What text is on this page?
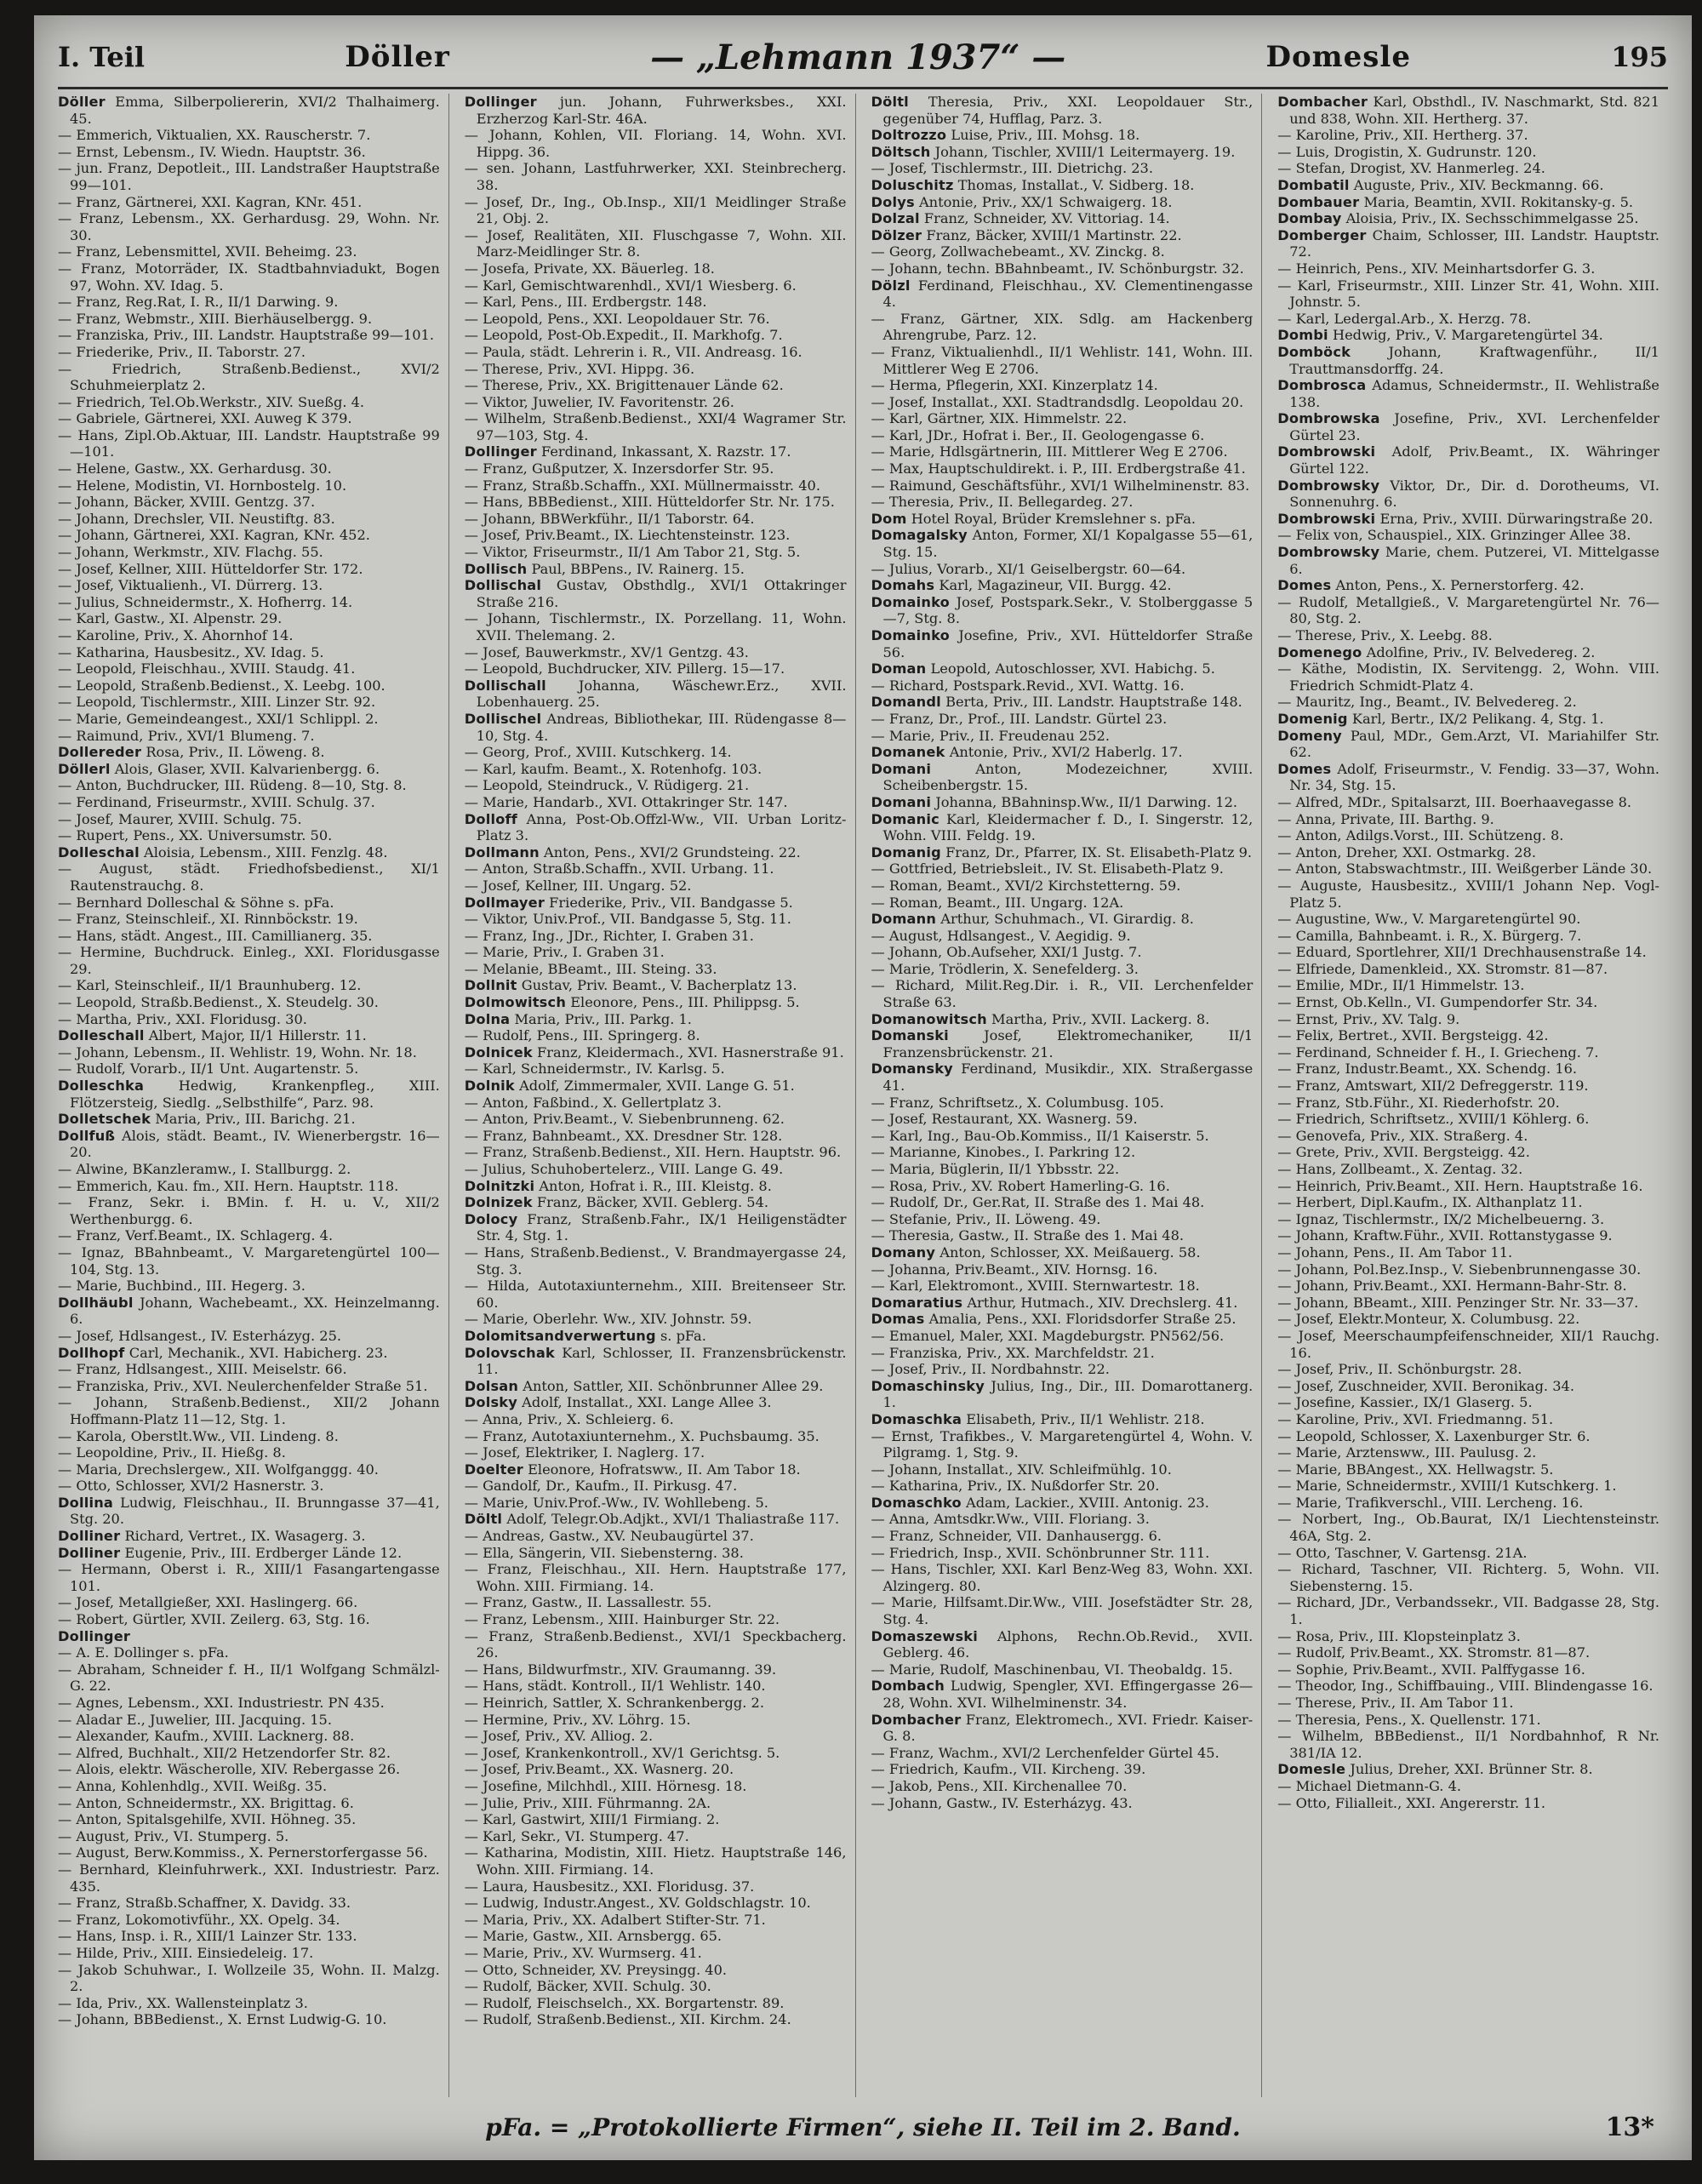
I. Teil	Döller	— „Lehmann 1937“ —	Domesle	195

Döller Emma, Silberpoliererin, XVI/2 Thalhaimerg. 45.

— Emmerich, Viktualien, XX. Rauscherstr. 7.

— Ernst, Lebensm., IV. Wiedn. Hauptstr. 36.

— jun. Franz, Depotleit., III. Landstraßer Hauptstraße 99—101.

— Franz, Gärtnerei, XXI. Kagran, KNr. 451.

— Franz, Lebensm., XX. Gerhardusg. 29, Wohn. Nr. 30.

— Franz, Lebensmittel, XVII. Beheimg. 23.

— Franz, Motorräder, IX. Stadtbahnviadukt, Bogen 97, Wohn. XV. Idag. 5.

— Franz, Reg.Rat, I. R., II/1 Darwing. 9.

— Franz, Webmstr., XIII. Bierhäuselbergg. 9.

— Franziska, Priv., III. Landstr. Hauptstraße 99—101.

— Friederike, Priv., II. Taborstr. 27.

— Friedrich, Straßenb.Bedienst., XVI/2 Schuhmeierplatz 2.

— Friedrich, Tel.Ob.Werkstr., XIV. Sueßg. 4.

— Gabriele, Gärtnerei, XXI. Auweg K 379.

— Hans, Zipl.Ob.Aktuar, III. Landstr. Hauptstraße 99—101.

— Helene, Gastw., XX. Gerhardusg. 30.

— Helene, Modistin, VI. Hornbostelg. 10.

— Johann, Bäcker, XVIII. Gentzg. 37.

— Johann, Drechsler, VII. Neustiftg. 83.

— Johann, Gärtnerei, XXI. Kagran, KNr. 452.

— Johann, Werkmstr., XIV. Flachg. 55.

— Josef, Kellner, XIII. Hütteldorfer Str. 172.

— Josef, Viktualienh., VI. Dürrerg. 13.

— Julius, Schneidermstr., X. Hofherrg. 14.

— Karl, Gastw., XI. Alpenstr. 29.

— Karoline, Priv., X. Ahornhof 14.

— Katharina, Hausbesitz., XV. Idag. 5.

— Leopold, Fleischhau., XVIII. Staudg. 41.

— Leopold, Straßenb.Bedienst., X. Leebg. 100.

— Leopold, Tischlermstr., XIII. Linzer Str. 92.

— Marie, Gemeindeangest., XXI/1 Schlippl. 2.

— Raimund, Priv., XVI/1 Blumeng. 7.

Dollereder Rosa, Priv., II. Löweng. 8.

Döllerl Alois, Glaser, XVII. Kalvarienbergg. 6.

— Anton, Buchdrucker, III. Rüdeng. 8—10, Stg. 8.

— Ferdinand, Friseurmstr., XVIII. Schulg. 37.

— Josef, Maurer, XVIII. Schulg. 75.

— Rupert, Pens., XX. Universumstr. 50.

Dolleschal Aloisia, Lebensm., XIII. Fenzlg. 48.

— August, städt. Friedhofsbedienst., XI/1 Rautenstrauchg. 8.

— Bernhard Dolleschal & Söhne s. pFa.

— Franz, Steinschleif., XI. Rinnböckstr. 19.

— Hans, städt. Angest., III. Camillianerg. 35.

— Hermine, Buchdruck. Einleg., XXI. Floridusgasse 29.

— Karl, Steinschleif., II/1 Braunhuberg. 12.

— Leopold, Straßb.Bedienst., X. Steudelg. 30.

— Martha, Priv., XXI. Floridusg. 30.

Dolleschall Albert, Major, II/1 Hillerstr. 11.

— Johann, Lebensm., II. Wehlistr. 19, Wohn. Nr. 18.

— Rudolf, Vorarb., II/1 Unt. Augartenstr. 5.

Dolleschka	Hedwig, Krankenpfleg., XIII. Flötzersteig, Siedlg. „Selbsthilfe“, Parz. 98.

Dolletschek Maria, Priv., III. Barichg. 21.

Dollfuß Alois, städt. Beamt., IV. Wienerbergstr. 16—20.

— Alwine, BKanzleramw., I. Stallburgg. 2.

— Emmerich, Kau. fm., XII. Hern. Hauptstr. 118.

— Franz, Sekr. i. BMin. f. H. u. V., XII/2 Werthenburgg. 6.

— Franz, Verf.Beamt., IX. Schlagerg. 4.

— Ignaz, BBahnbeamt., V. Margaretengürtel 100—104, Stg. 13.

— Marie, Buchbind., III. Hegerg. 3.

Dollhäubl Johann, Wachebeamt., XX. Heinzelmanng. 6.

— Josef, Hdlsangest., IV. Esterházyg. 25.

Dollhopf Carl, Mechanik., XVI. Habicherg. 23.

— Franz, Hdlsangest., XIII. Meiselstr. 66.

— Franziska, Priv., XVI. Neulerchenfelder Straße 51.

— Johann, Straßenb.Bedienst., XII/2 Johann Hoffmann-Platz 11—12, Stg. 1.

— Karola, Oberstlt.Ww., VII. Lindeng. 8.

— Leopoldine, Priv., II. Hießg. 8.

— Maria, Drechslergew., XII. Wolfganggg. 40.

— Otto, Schlosser, XVI/2 Hasnerstr. 3.

Dollina Ludwig, Fleischhau., II. Brunngasse 37—41, Stg. 20.

Dolliner Richard, Vertret., IX. Wasagerg. 3.

Dolliner Eugenie, Priv., III. Erdberger Lände 12.

— Hermann, Oberst i. R., XIII/1 Fasangartengasse 101.

— Josef, Metallgießer, XXI. Haslingerg. 66.

— Robert, Gürtler, XVII. Zeilerg. 63, Stg. 16.

Dollinger

— A. E. Dollinger s. pFa.

— Abraham, Schneider f. H., II/1 Wolfgang Schmälzl-G. 22.

— Agnes, Lebensm., XXI. Industriestr. PN 435.

— Aladar E., Juwelier, III. Jacquing. 15.

— Alexander, Kaufm., XVIII. Lacknerg. 88.

— Alfred, Buchhalt., XII/2 Hetzendorfer Str. 82.

— Alois, elektr. Wäscherolle, XIV. Rebergasse 26.

— Anna, Kohlenhdlg., XVII. Weißg. 35.

— Anton, Schneidermstr., XX. Brigittag. 6.

— Anton, Spitalsgehilfe, XVII. Höhneg. 35.

— August, Priv., VI. Stumperg. 5.

— August, Berw.Kommiss., X. Pernerstorfergasse 56.

— Bernhard, Kleinfuhrwerk., XXI. Industriestr. Parz. 435.

— Franz, Straßb.Schaffner, X. Davidg. 33.

— Franz, Lokomotivführ., XX. Opelg. 34.

— Hans, Insp. i. R., XIII/1 Lainzer Str. 133.

— Hilde, Priv., XIII. Einsiedeleig. 17.

— Jakob Schuhwar., I. Wollzeile 35, Wohn. II. Malzg. 2.

— Ida, Priv., XX. Wallensteinplatz 3.

— Johann, BBBedienst., X. Ernst Ludwig-G. 10.

Dollinger jun. Johann, Fuhrwerksbes., XXI. Erzherzog Karl-Str. 46A.

— Johann, Kohlen, VII. Floriang. 14, Wohn. XVI. Hippg. 36.

— sen. Johann, Lastfuhrwerker, XXI. Steinbrecherg. 38.

— Josef, Dr., Ing., Ob.Insp., XII/1 Meidlinger Straße 21, Obj. 2.

— Josef, Realitäten, XII. Fluschgasse 7, Wohn. XII. Marz-Meidlinger Str. 8.

— Josefa, Private, XX. Bäuerleg. 18.

— Karl, Gemischtwarenhdl., XVI/1 Wiesberg. 6.

— Karl, Pens., III. Erdbergstr. 148.

— Leopold, Pens., XXI. Leopoldauer Str. 76.

— Leopold, Post-Ob.Expedit., II. Markhofg. 7.

— Paula, städt. Lehrerin i. R., VII. Andreasg. 16.

— Therese, Priv., XVI. Hippg. 36.

— Therese, Priv., XX. Brigittenauer Lände 62.

— Viktor, Juwelier, IV. Favoritenstr. 26.

— Wilhelm, Straßenb.Bedienst., XXI/4 Wagramer Str. 97—103, Stg. 4.

Dollinger Ferdinand, Inkassant, X. Razstr. 17.

— Franz, Gußputzer, X. Inzersdorfer Str. 95.

— Franz, Straßb.Schaffn., XXI. Müllnermaisstr. 40.

— Hans, BBBedienst., XIII. Hütteldorfer Str. Nr. 175.

— Johann, BBWerkführ., II/1 Taborstr. 64.

— Josef, Priv.Beamt., IX. Liechtensteinstr. 123.

— Viktor, Friseurmstr., II/1 Am Tabor 21, Stg. 5.

Dollisch Paul, BBPens., IV. Rainerg. 15.

Dollischal Gustav, Obsthdlg., XVI/1 Ottakringer Straße 216.

— Johann, Tischlermstr., IX. Porzellang. 11, Wohn. XVII. Thelemang. 2.

— Josef, Bauwerkmstr., XV/1 Gentzg. 43.

— Leopold, Buchdrucker, XIV. Pillerg. 15—17.

Dollischall Johanna, Wäschewr.Erz., XVII. Lobenhauerg. 25.

Dollischel Andreas, Bibliothekar, III. Rüdengasse 8—10, Stg. 4.

— Georg, Prof., XVIII. Kutschkerg. 14.

— Karl, kaufm. Beamt., X. Rotenhofg. 103.

— Leopold, Steindruck., V. Rüdigerg. 21.

— Marie, Handarb., XVI. Ottakringer Str. 147.

Dolloff Anna, Post-Ob.Offzl-Ww., VII. Urban Loritz-Platz 3.

Dollmann Anton, Pens., XVI/2 Grundsteing. 22.

— Anton, Straßb.Schaffn., XVII. Urbang. 11.

— Josef, Kellner, III. Ungarg. 52.

Dollmayer Friederike, Priv., VII. Bandgasse 5.

— Viktor, Univ.Prof., VII. Bandgasse 5, Stg. 11.

— Franz, Ing., JDr., Richter, I. Graben 31.

— Marie, Priv., I. Graben 31.

— Melanie, BBeamt., III. Steing. 33.

Dollnit Gustav, Priv. Beamt., V. Bacherplatz 13.

Dolmowitsch Eleonore, Pens., III. Philippsg. 5.

Dolna Maria, Priv., III. Parkg. 1.

— Rudolf, Pens., III. Springerg. 8.

Dolnicek Franz, Kleidermach., XVI. Hasnerstraße 91.

— Karl, Schneidermstr., IV. Karlsg. 5.

Dolnik Adolf, Zimmermaler, XVII. Lange G. 51.

— Anton, Faßbind., X. Gellertplatz 3.

— Anton, Priv.Beamt., V. Siebenbrunneng. 62.

— Franz, Bahnbeamt., XX. Dresdner Str. 128.

— Franz, Straßenb.Bedienst., XII. Hern. Hauptstr. 96.

— Julius, Schuhobertelerz., VIII. Lange G. 49.

Dolnitzki Anton, Hofrat i. R., III. Kleistg. 8.

Dolnizek Franz, Bäcker, XVII. Geblerg. 54.

Dolocy Franz, Straßenb.Fahr., IX/1 Heiligenstädter Str. 4, Stg. 1.

— Hans, Straßenb.Bedienst., V. Brandmayergasse 24, Stg. 3.

— Hilda, Autotaxiunternehm., XIII. Breitenseer Str. 60.

— Marie, Oberlehr. Ww., XIV. Johnstr. 59.

Dolomitsandverwertung s. pFa.

Dolovschak Karl, Schlosser, II. Franzensbrückenstr. 11.

Dolsan Anton, Sattler, XII. Schönbrunner Allee 29.

Dolsky Adolf, Installat., XXI. Lange Allee 3.

— Anna, Priv., X. Schleierg. 6.

— Franz, Autotaxiunternehm., X. Puchsbaumg. 35.

— Josef, Elektriker, I. Naglerg. 17.

Doelter Eleonore, Hofratsww., II. Am Tabor 18.

— Gandolf, Dr., Kaufm., II. Pirkusg. 47.

— Marie, Univ.Prof.-Ww., IV. Wohllebeng. 5.

Döltl Adolf, Telegr.Ob.Adjkt., XVI/1 Thaliastraße 117.

— Andreas, Gastw., XV. Neubaugürtel 37.

— Ella, Sängerin, VII. Siebensterng. 38.

— Franz, Fleischhau., XII. Hern. Hauptstraße 177, Wohn. XIII. Firmiang. 14.

— Franz, Gastw., II. Lassallestr. 55.

— Franz, Lebensm., XIII. Hainburger Str. 22.

— Franz, Straßenb.Bedienst., XVI/1 Speckbacherg. 26.

— Hans, Bildwurfmstr., XIV. Graumanng. 39.

— Hans, städt. Kontroll., II/1 Wehlistr. 140.

— Heinrich, Sattler, X. Schrankenbergg. 2.

— Hermine, Priv., XV. Löhrg. 15.

— Josef, Priv., XV. Alliog. 2.

— Josef, Krankenkontroll., XV/1 Gerichtsg. 5.

— Josef, Priv.Beamt., XX. Wasnerg. 20.

— Josefine, Milchhdl., XIII. Hörnesg. 18.

— Julie, Priv., XIII. Führmanng. 2A.

— Karl, Gastwirt, XIII/1 Firmiang. 2.

— Karl, Sekr., VI. Stumperg. 47.

— Katharina, Modistin, XIII. Hietz. Hauptstraße 146, Wohn. XIII. Firmiang. 14.

— Laura, Hausbesitz., XXI. Floridusg. 37.

— Ludwig, Industr.Angest., XV. Goldschlagstr. 10.

— Maria, Priv., XX. Adalbert Stifter-Str. 71.

— Marie, Gastw., XII. Arnsbergg. 65.

— Marie, Priv., XV. Wurmserg. 41.

— Otto, Schneider, XV. Preysingg. 40.

— Rudolf, Bäcker, XVII. Schulg. 30.

— Rudolf, Fleischselch., XX. Borgartenstr. 89.

— Rudolf, Straßenb.Bedienst., XII. Kirchm. 24.

Döltl Theresia, Priv., XXI. Leopoldauer Str., gegenüber 74, Hufflag, Parz. 3.

Doltrozzo Luise, Priv., III. Mohsg. 18.

Döltsch Johann, Tischler, XVIII/1 Leitermayerg. 19.

— Josef, Tischlermstr., III. Dietrichg. 23.

Doluschitz Thomas, Installat., V. Sidberg. 18.

Dolys Antonie, Priv., XX/1 Schwaigerg. 18.

Dolzal Franz, Schneider, XV. Vittoriag. 14.

Dölzer Franz, Bäcker, XVIII/1 Martinstr. 22.

— Georg, Zollwachebeamt., XV. Zinckg. 8.

— Johann, techn. BBahnbeamt., IV. Schönburgstr. 32.

Dölzl Ferdinand, Fleischhau., XV. Clementinengasse 4.

— Franz, Gärtner, XIX. Sdlg. am Hackenberg Ahrengrube, Parz. 12.

— Franz, Viktualienhdl., II/1 Wehlistr. 141, Wohn. III. Mittlerer Weg E 2706.

— Herma, Pflegerin, XXI. Kinzerplatz 14.

— Josef, Installat., XXI. Stadtrandsdlg. Leopoldau 20.

— Karl, Gärtner, XIX. Himmelstr. 22.

— Karl, JDr., Hofrat i. Ber., II. Geologengasse 6.

— Marie, Hdlsgärtnerin, III. Mittlerer Weg E 2706.

— Max, Hauptschuldirekt. i. P., III. Erdbergstraße 41.

— Raimund, Geschäftsführ., XVI/1 Wilhelminenstr. 83.

— Theresia, Priv., II. Bellegardeg. 27.

Dom Hotel Royal, Brüder Kremslehner s. pFa.

Domagalsky Anton, Former, XI/1 Kopalgasse 55—61, Stg. 15.

— Julius, Vorarb., XI/1 Geiselbergstr. 60—64.

Domahs Karl, Magazineur, VII. Burgg. 42.

Domainko Josef, Postspark.Sekr., V. Stolberggasse 5—7, Stg. 8.

Domainko Josefine, Priv., XVI. Hütteldorfer Straße 56.

Doman Leopold, Autoschlosser, XVI. Habichg. 5.

— Richard, Postspark.Revid., XVI. Wattg. 16.

Domandl Berta, Priv., III. Landstr. Hauptstraße 148.

— Franz, Dr., Prof., III. Landstr. Gürtel 23.

— Marie, Priv., II. Freudenau 252.

Domanek Antonie, Priv., XVI/2 Haberlg. 17.

Domani	Anton, Modezeichner, XVIII. Scheibenbergstr. 15.

Domani Johanna, BBahninsp.Ww., II/1 Darwing. 12.

Domanic Karl, Kleidermacher f. D., I. Singerstr. 12, Wohn. VIII. Feldg. 19.

Domanig Franz, Dr., Pfarrer, IX. St. Elisabeth-Platz 9.

— Gottfried, Betriebsleit., IV. St. Elisabeth-Platz 9.

— Roman, Beamt., XVI/2 Kirchstetterng. 59.

— Roman, Beamt., III. Ungarg. 12A.

Domann Arthur, Schuhmach., VI. Girardig. 8.

— August, Hdlsangest., V. Aegidig. 9.

— Johann, Ob.Aufseher, XXI/1 Justg. 7.

— Marie, Trödlerin, X. Senefelderg. 3.

— Richard, Milit.Reg.Dir. i. R., VII. Lerchenfelder Straße 63.

Domanowitsch Martha, Priv., XVII. Lackerg. 8.

Domanski	Josef, Elektromechaniker, II/1 Franzensbrückenstr. 21.

Domansky Ferdinand, Musikdir., XIX. Straßergasse 41.

— Franz, Schriftsetz., X. Columbusg. 105.

— Josef, Restaurant, XX. Wasnerg. 59.

— Karl, Ing., Bau-Ob.Kommiss., II/1 Kaiserstr. 5.

— Marianne, Kinobes., I. Parkring 12.

— Maria, Büglerin, II/1 Ybbsstr. 22.

— Rosa, Priv., XV. Robert Hamerling-G. 16.

— Rudolf, Dr., Ger.Rat, II. Straße des 1. Mai 48.

— Stefanie, Priv., II. Löweng. 49.

— Theresia, Gastw., II. Straße des 1. Mai 48.

Domany Anton, Schlosser, XX. Meißauerg. 58.

— Johanna, Priv.Beamt., XIV. Hornsg. 16.

— Karl, Elektromont., XVIII. Sternwartestr. 18.

Domaratius Arthur, Hutmach., XIV. Drechslerg. 41.

Domas Amalia, Pens., XXI. Floridsdorfer Straße 25.

— Emanuel, Maler, XXI. Magdeburgstr. PN562/56.

— Franziska, Priv., XX. Marchfeldstr. 21.

— Josef, Priv., II. Nordbahnstr. 22.

Domaschinsky Julius, Ing., Dir., III. Domarottanerg. 1.

Domaschka Elisabeth, Priv., II/1 Wehlistr. 218.

— Ernst, Trafikbes., V. Margaretengürtel 4, Wohn. V. Pilgramg. 1, Stg. 9.

— Johann, Installat., XIV. Schleifmühlg. 10.

— Katharina, Priv., IX. Nußdorfer Str. 20.

Domaschko Adam, Lackier., XVIII. Antonig. 23.

— Anna, Amtsdkr.Ww., VIII. Floriang. 3.

— Franz, Schneider, VII. Danhausergg. 6.

— Friedrich, Insp., XVII. Schönbrunner Str. 111.

— Hans, Tischler, XXI. Karl Benz-Weg 83, Wohn. XXI. Alzingerg. 80.

— Marie, Hilfsamt.Dir.Ww., VIII. Josefstädter Str. 28, Stg. 4.

Domaszewski Alphons, Rechn.Ob.Revid., XVII. Geblerg. 46.

— Marie, Rudolf, Maschinenbau, VI. Theobaldg. 15.

Dombach Ludwig, Spengler, XVI. Effingergasse 26—28, Wohn. XVI. Wilhelminenstr. 34.

Dombacher Franz, Elektromech., XVI. Friedr. Kaiser-G. 8.

— Franz, Wachm., XVI/2 Lerchenfelder Gürtel 45.

— Friedrich, Kaufm., VII. Kircheng. 39.

— Jakob, Pens., XII. Kirchenallee 70.

— Johann, Gastw., IV. Esterházyg. 43.

Dombacher Karl, Obsthdl., IV. Naschmarkt, Std. 821 und 838, Wohn. XII. Hertherg. 37.

— Karoline, Priv., XII. Hertherg. 37.

— Luis, Drogistin, X. Gudrunstr. 120.

— Stefan, Drogist, XV. Hanmerleg. 24.

Dombatil Auguste, Priv., XIV. Beckmanng. 66.

Dombauer Maria, Beamtin, XVII. Rokitansky-g. 5.

Dombay Aloisia, Priv., IX. Sechsschimmelgasse 25.

Domberger Chaim, Schlosser, III. Landstr. Hauptstr. 72.

— Heinrich, Pens., XIV. Meinhartsdorfer G. 3.

— Karl, Friseurmstr., XIII. Linzer Str. 41, Wohn. XIII. Johnstr. 5.

— Karl, Ledergal.Arb., X. Herzg. 78.

Dombi Hedwig, Priv., V. Margaretengürtel 34.

Domböck	Johann, Kraftwagenführ., II/1 Trauttmansdorffg. 24.

Dombrosca Adamus, Schneidermstr., II. Wehlistraße 138.

Dombrowska Josefine, Priv., XVI. Lerchenfelder Gürtel 23.

Dombrowski Adolf, Priv.Beamt., IX. Währinger Gürtel 122.

Dombrowsky Viktor, Dr., Dir. d. Dorotheums, VI. Sonnenuhrg. 6.

Dombrowski Erna, Priv., XVIII. Dürwaringstraße 20.

— Felix von, Schauspiel., XIX. Grinzinger Allee 38.

Dombrowsky Marie, chem. Putzerei, VI. Mittelgasse 6.

Domes Anton, Pens., X. Pernerstorferg. 42.

— Rudolf, Metallgieß., V. Margaretengürtel Nr. 76—80, Stg. 2.

— Therese, Priv., X. Leebg. 88.

Domenego Adolfine, Priv., IV. Belvedereg. 2.

— Käthe, Modistin, IX. Servitengg. 2, Wohn. VIII. Friedrich Schmidt-Platz 4.

— Mauritz, Ing., Beamt., IV. Belvedereg. 2.

Domenig Karl, Bertr., IX/2 Pelikang. 4, Stg. 1.

Domeny Paul, MDr., Gem.Arzt, VI. Mariahilfer Str. 62.

Domes Adolf, Friseurmstr., V. Fendig. 33—37, Wohn. Nr. 34, Stg. 15.

— Alfred, MDr., Spitalsarzt, III. Boerhaavegasse 8.

— Anna, Private, III. Barthg. 9.

— Anton, Adilgs.Vorst., III. Schützeng. 8.

— Anton, Dreher, XXI. Ostmarkg. 28.

— Anton, Stabswachtmstr., III. Weißgerber Lände 30.

— Auguste, Hausbesitz., XVIII/1 Johann Nep. Vogl-Platz 5.

— Augustine, Ww., V. Margaretengürtel 90.

— Camilla, Bahnbeamt. i. R., X. Bürgerg. 7.

— Eduard, Sportlehrer, XII/1 Drechhausenstraße 14.

— Elfriede, Damenkleid., XX. Stromstr. 81—87.

— Emilie, MDr., II/1 Himmelstr. 13.

— Ernst, Ob.Kelln., VI. Gumpendorfer Str. 34.

— Ernst, Priv., XV. Talg. 9.

— Felix, Bertret., XVII. Bergsteigg. 42.

— Ferdinand, Schneider f. H., I. Griecheng. 7.

— Franz, Industr.Beamt., XX. Schendg. 16.

— Franz, Amtswart, XII/2 Defreggerstr. 119.

— Franz, Stb.Führ., XI. Riederhofstr. 20.

— Friedrich, Schriftsetz., XVIII/1 Köhlerg. 6.

— Genovefa, Priv., XIX. Straßerg. 4.

— Grete, Priv., XVII. Bergsteigg. 42.

— Hans, Zollbeamt., X. Zentag. 32.

— Heinrich, Priv.Beamt., XII. Hern. Hauptstraße 16.

— Herbert, Dipl.Kaufm., IX. Althanplatz 11.

— Ignaz, Tischlermstr., IX/2 Michelbeuerng. 3.

— Johann, Kraftw.Führ., XVII. Rottanstygasse 9.

— Johann, Pens., II. Am Tabor 11.

— Johann, Pol.Bez.Insp., V. Siebenbrunnengasse 30.

— Johann, Priv.Beamt., XXI. Hermann-Bahr-Str. 8.

— Johann, BBeamt., XIII. Penzinger Str. Nr. 33—37.

— Josef, Elektr.Monteur, X. Columbusg. 22.

— Josef, Meerschaumpfeifenschneider, XII/1 Rauchg. 16.

— Josef, Priv., II. Schönburgstr. 28.

— Josef, Zuschneider, XVII. Beronikag. 34.

— Josefine, Kassier., IX/1 Glaserg. 5.

— Karoline, Priv., XVI. Friedmanng. 51.

— Leopold, Schlosser, X. Laxenburger Str. 6.

— Marie, Arztensww., III. Paulusg. 2.

— Marie, BBAngest., XX. Hellwagstr. 5.

— Marie, Schneidermstr., XVIII/1 Kutschkerg. 1.

— Marie, Trafikverschl., VIII. Lercheng. 16.

— Norbert, Ing., Ob.Baurat, IX/1 Liechtensteinstr. 46A, Stg. 2.

— Otto, Taschner, V. Gartensg. 21A.

— Richard, Taschner, VII. Richterg. 5, Wohn. VII. Siebensterng. 15.

— Richard, JDr., Verbandssekr., VII. Badgasse 28, Stg. 1.

— Rosa, Priv., III. Klopsteinplatz 3.

— Rudolf, Priv.Beamt., XX. Stromstr. 81—87.

— Sophie, Priv.Beamt., XVII. Palffygasse 16.

— Theodor, Ing., Schiffbauing., VIII. Blindengasse 16.

— Therese, Priv., II. Am Tabor 11.

— Theresia, Pens., X. Quellenstr. 171.

— Wilhelm, BBBedienst., II/1 Nordbahnhof, R Nr. 381/IA 12.

Domesle Julius, Dreher, XXI. Brünner Str. 8.

— Michael Dietmann-G. 4.

— Otto, Filialleit., XXI. Angererstr. 11.

pFa. = „Protokollierte Firmen“, siehe II. Teil im 2. Band.	13*
